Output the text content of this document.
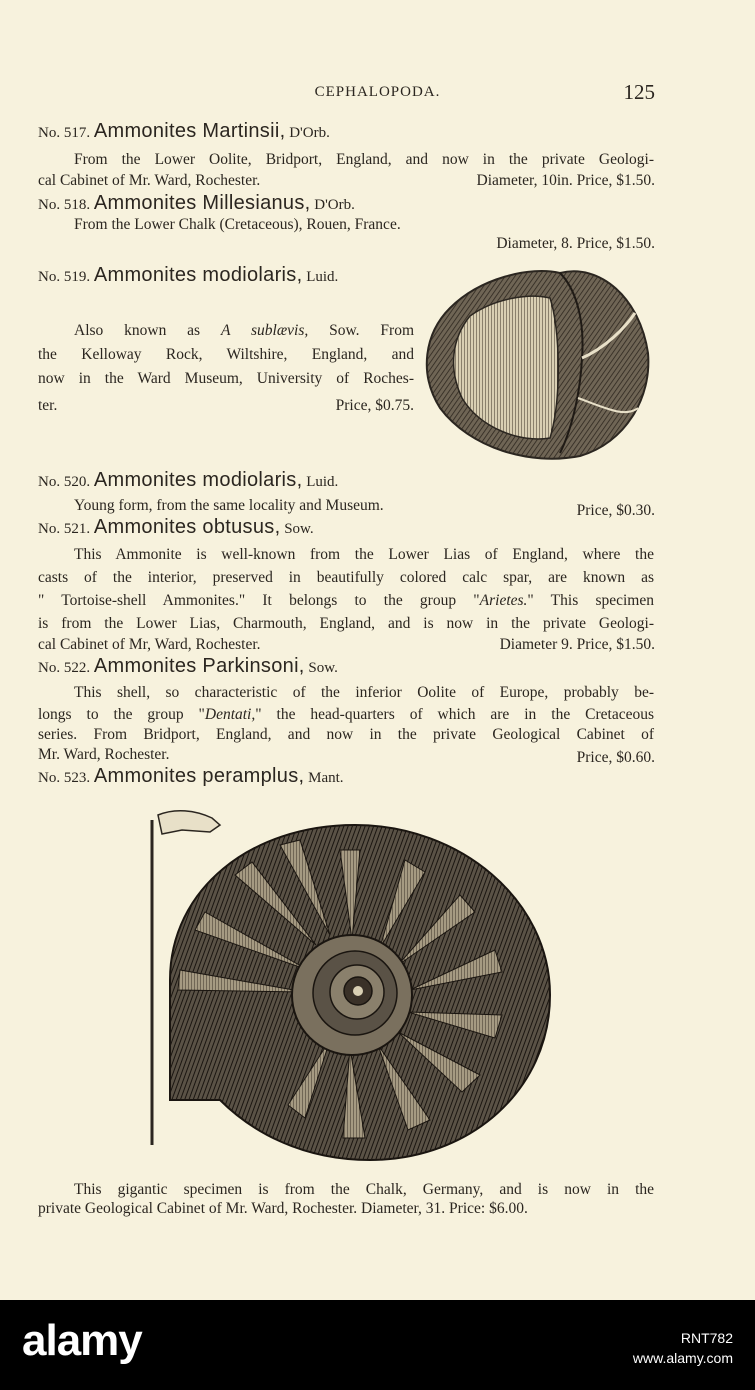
CEPHALOPODA.	125
No. 517. Ammonites Martinsii, D'Orb.
From the Lower Oolite, Bridport, England, and now in the private Geologi-
cal Cabinet of Mr. Ward, Rochester.	Diameter, 10in. Price, $1.50.
No. 518. Ammonites Millesianus, D'Orb.
From the Lower Chalk (Cretaceous), Rouen, France.
Diameter, 8. Price, $1.50.
No. 519. Ammonites modiolaris, Luid.
Also known as A sublævis, Sow. From
the Kelloway Rock, Wiltshire, England, and
now in the Ward Museum, University of Roches-
ter.	Price, $0.75.
No. 520. Ammonites modiolaris, Luid.
Young form, from the same locality and Museum.	Price, $0.30.
No. 521. Ammonites obtusus, Sow.
This Ammonite is well-known from the Lower Lias of England, where the
casts of the interior, preserved in beautifully colored calc spar, are known as
" Tortoise-shell Ammonites." It belongs to the group "Arietes." This specimen
is from the Lower Lias, Charmouth, England, and is now in the private Geologi-
cal Cabinet of Mr, Ward, Rochester.	Diameter 9. Price, $1.50.
No. 522. Ammonites Parkinsoni, Sow.
This shell, so characteristic of the inferior Oolite of Europe, probably be-
longs to the group "Dentati," the head-quarters of which are in the Cretaceous
series. From Bridport, England, and now in the private Geological Cabinet of
Mr. Ward, Rochester.	Price, $0.60.
No. 523. Ammonites peramplus, Mant.
This gigantic specimen is from the Chalk, Germany, and is now in the
private Geological Cabinet of Mr. Ward, Rochester. Diameter, 31. Price: $6.00.
alamy	RNT782
www.alamy.com
